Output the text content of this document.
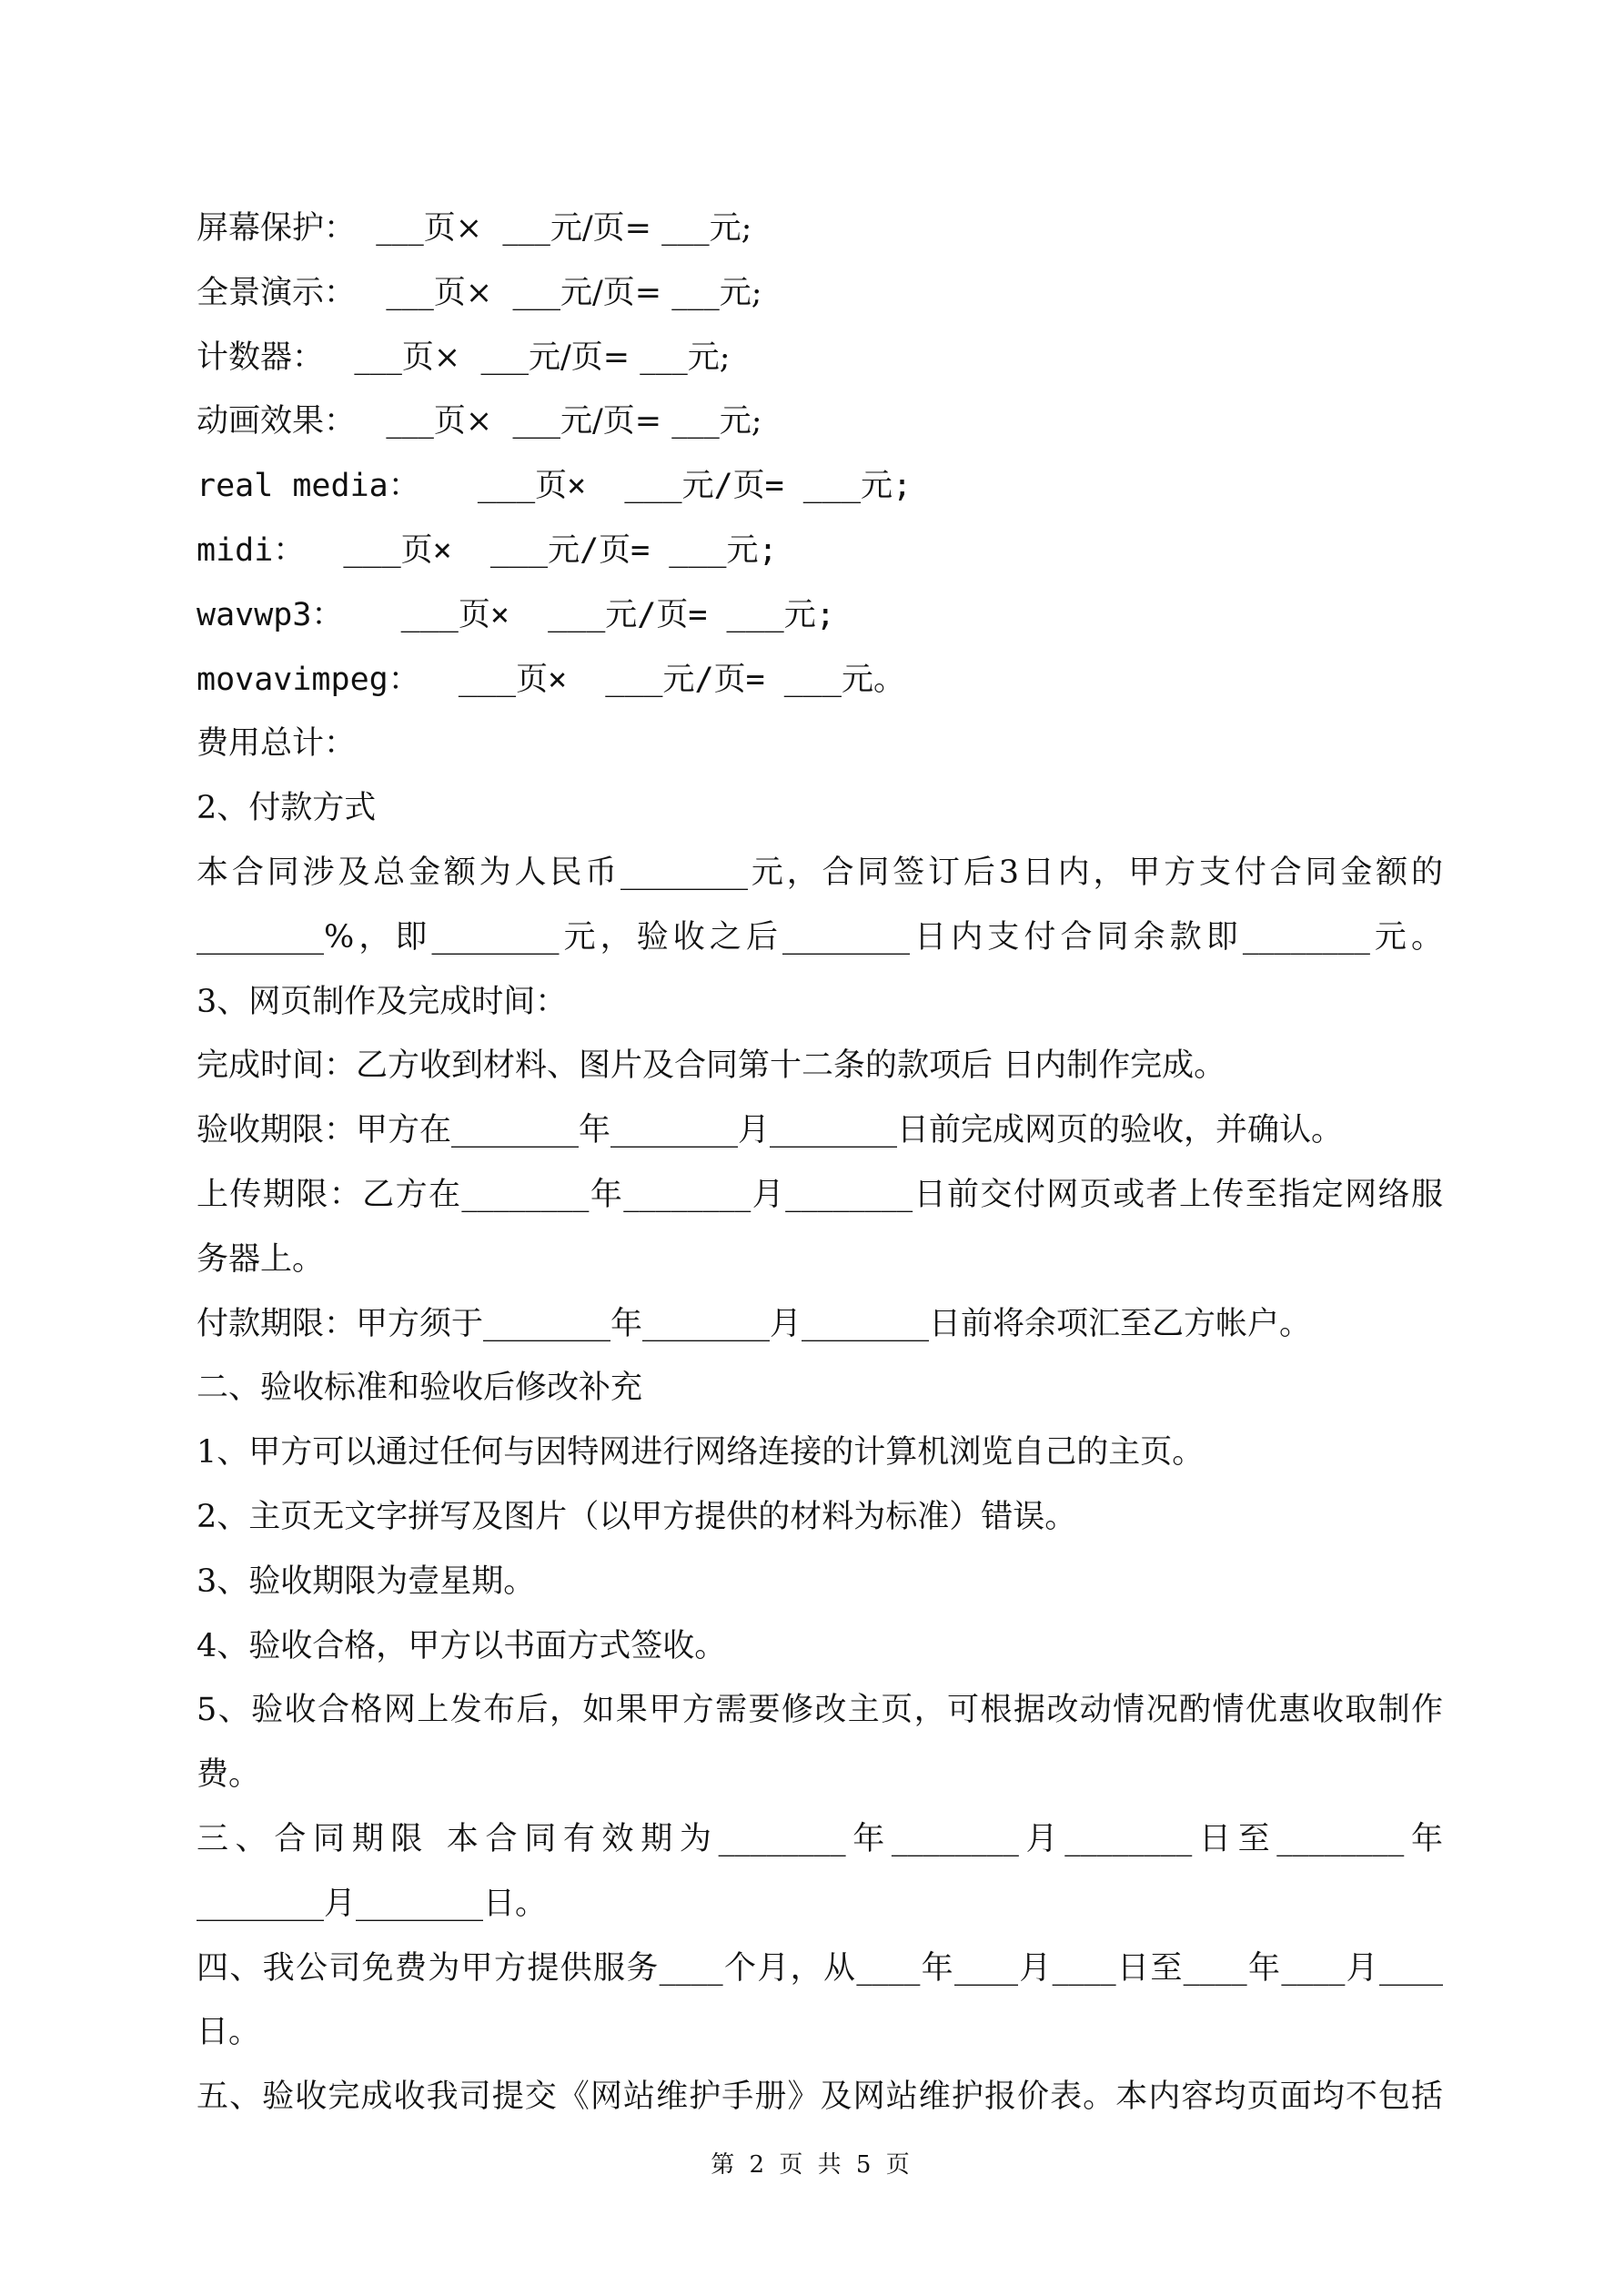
屏幕保护：  ___页×  ___元/页= ___元;
全景演示：   ___页×  ___元/页= ___元;
计数器：   ___页×  ___元/页= ___元;
动画效果：   ___页×  ___元/页= ___元;
real media：   ___页×  ___元/页= ___元;
midi：  ___页×  ___元/页= ___元;
wavwp3：   ___页×  ___元/页= ___元;
movavimpeg：  ___页×  ___元/页= ___元。
费用总计：
2、付款方式
本合同涉及总金额为人民币________元，合同签订后3日内，甲方支付合同金额的
________%，即________元，验收之后________日内支付合同余款即________元。
3、网页制作及完成时间：
完成时间：乙方收到材料、图片及合同第十二条的款项后 日内制作完成。
验收期限：甲方在________年________月________日前完成网页的验收，并确认。
上传期限：乙方在________年________月________日前交付网页或者上传至指定网络服
务器上。
付款期限：甲方须于________年________月________日前将余项汇至乙方帐户。
二、验收标准和验收后修改补充
1、甲方可以通过任何与因特网进行网络连接的计算机浏览自己的主页。
2、主页无文字拼写及图片（以甲方提供的材料为标准）错误。
3、验收期限为壹星期。
4、验收合格，甲方以书面方式签收。
5、验收合格网上发布后，如果甲方需要修改主页，可根据改动情况酌情优惠收取制作
费。
三、合同期限 本合同有效期为________年________月________日至________年
________月________日。
四、我公司免费为甲方提供服务____个月，从____年____月____日至____年____月____
日。
五、验收完成收我司提交《网站维护手册》及网站维护报价表。本内容均页面均不包括
第 2 页 共 5 页
